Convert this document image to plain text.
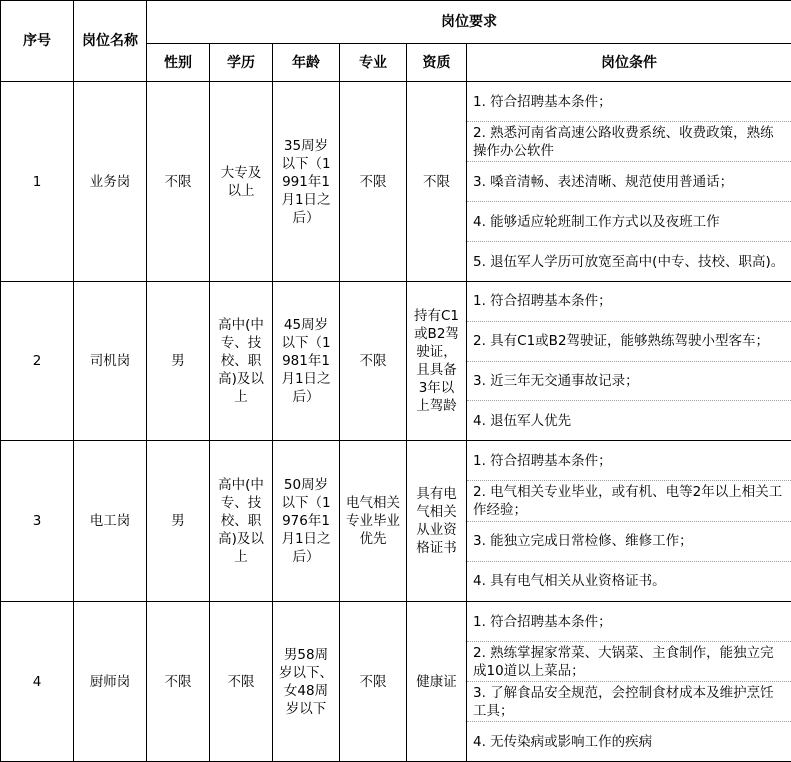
序号	岗位名称	岗位要求					
		性别	学历	年龄	专业	资质	岗位条件
1	业务岗	不限	大专及以上	35周岁以下（1991年1月1日之后）	不限	不限	1. 符合招聘基本条件；
2. 熟悉河南省高速公路收费系统、收费政策，熟练操作办公软件
3. 嗓音清畅、表述清晰、规范使用普通话；
4. 能够适应轮班制工作方式以及夜班工作
5. 退伍军人学历可放宽至高中(中专、技校、职高)。

2	司机岗	男	高中(中专、技校、职高)及以上	45周岁以下（1981年1月1日之后）	不限	持有C1或B2驾驶证，且具备3年以上驾龄	1. 符合招聘基本条件；
2. 具有C1或B2驾驶证，能够熟练驾驶小型客车；
3. 近三年无交通事故记录；
4. 退伍军人优先

3	电工岗	男	高中(中专、技校、职高)及以上	50周岁以下（1976年1月1日之后）	电气相关专业毕业优先	具有电气相关从业资格证书	1. 符合招聘基本条件；
2. 电气相关专业毕业，或有机、电等2年以上相关工作经验；
3. 能独立完成日常检修、维修工作；
4. 具有电气相关从业资格证书。

4	厨师岗	不限	不限	男58周岁以下、女48周岁以下	不限	健康证	1. 符合招聘基本条件；
2. 熟练掌握家常菜、大锅菜、主食制作，能独立完成10道以上菜品；
3. 了解食品安全规范，会控制食材成本及维护烹饪工具；
4. 无传染病或影响工作的疾病
